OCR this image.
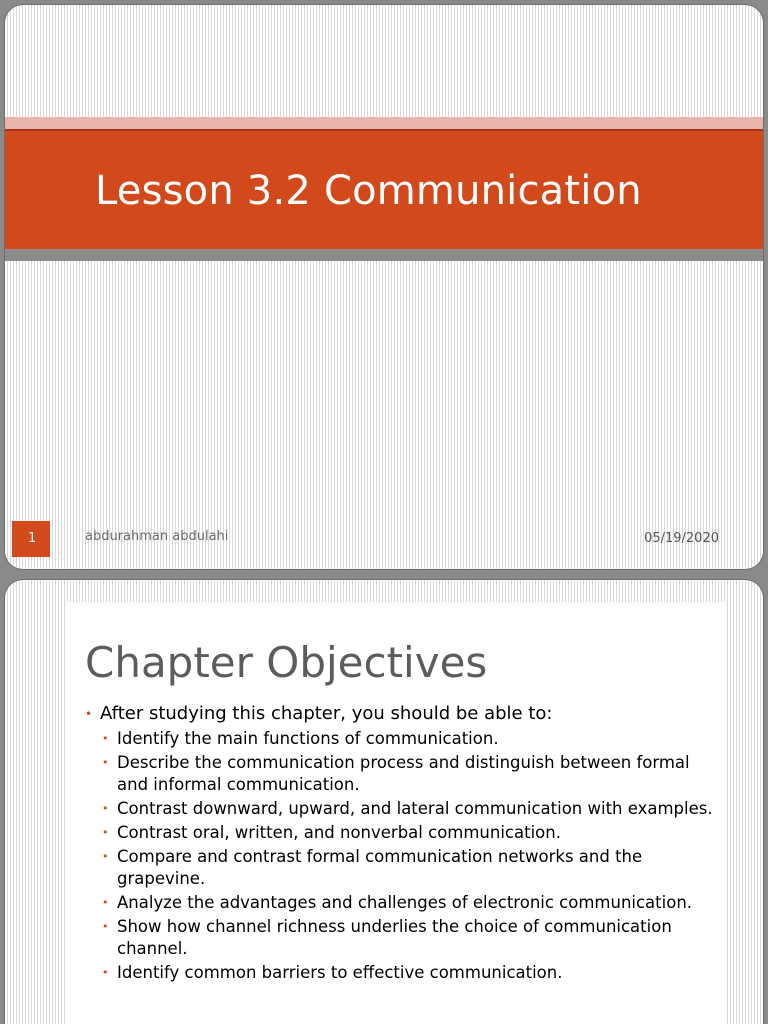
Lesson 3.2 Communication
1	abdurahman abdulahi	05/19/2020
Chapter Objectives
• After studying this chapter, you should be able to:
• Identify the main functions of communication.
• Describe the communication process and distinguish between formal and informal communication.
• Contrast downward, upward, and lateral communication with examples.
• Contrast oral, written, and nonverbal communication.
• Compare and contrast formal communication networks and the grapevine.
• Analyze the advantages and challenges of electronic communication.
• Show how channel richness underlies the choice of communication channel.
• Identify common barriers to effective communication.
